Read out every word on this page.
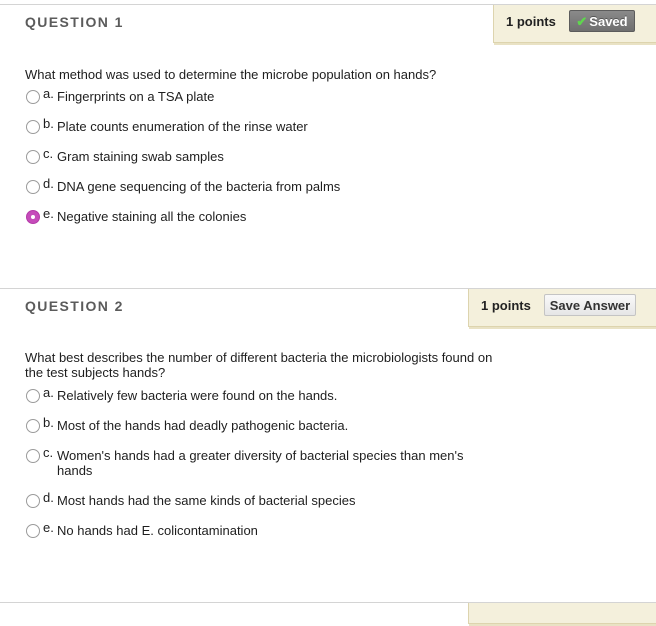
QUESTION 1	1 points	✔ Saved
What method was used to determine the microbe population on hands?
a. Fingerprints on a TSA plate
b. Plate counts enumeration of the rinse water
c. Gram staining swab samples
d. DNA gene sequencing of the bacteria from palms
e. Negative staining all the colonies
QUESTION 2	1 points	Save Answer
What best describes the number of different bacteria the microbiologists found on the test subjects hands?
a. Relatively few bacteria were found on the hands.
b. Most of the hands had deadly pathogenic bacteria.
c. Women's hands had a greater diversity of bacterial species than men's hands
d. Most hands had the same kinds of bacterial species
e. No hands had E. colicontamination
